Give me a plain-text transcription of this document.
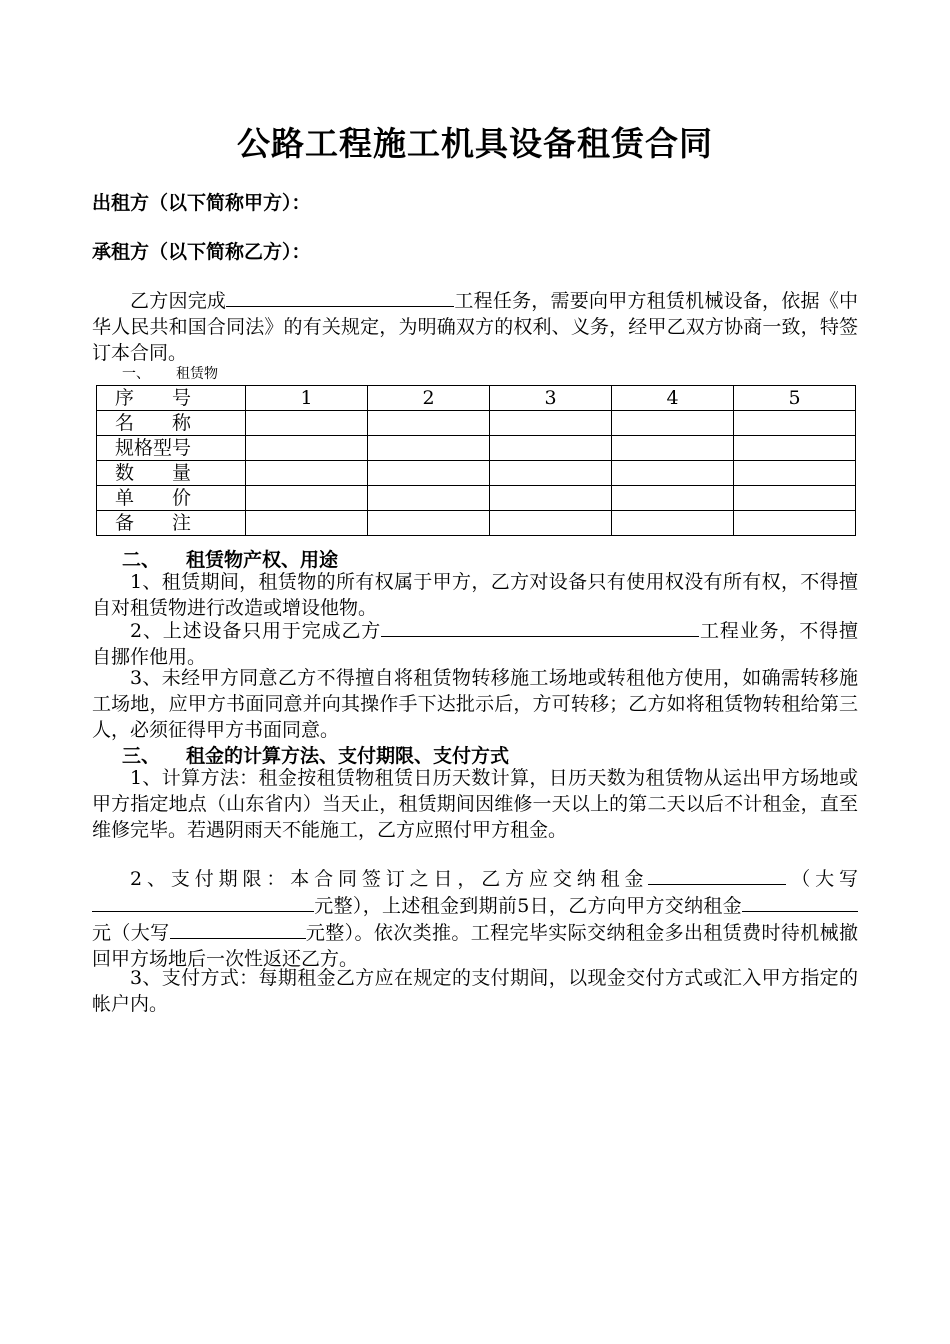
公路工程施工机具设备租赁合同
出租方（以下简称甲方）：
承租方（以下简称乙方）：
乙方因完成	工程任务，需要向甲方租赁机械设备，依据《中华人民共和国合同法》的有关规定，为明确双方的权利、义务，经甲乙双方协商一致，特签订本合同。
一、 租赁物
序　　号	1	2	3	4	5
名　　称					
规格型号					
数　　量					
单　　价					
备　　注					
二、 租赁物产权、用途
1、租赁期间，租赁物的所有权属于甲方，乙方对设备只有使用权没有所有权，不得擅自对租赁物进行改造或增设他物。
2、上述设备只用于完成乙方	工程业务，不得擅自挪作他用。
3、未经甲方同意乙方不得擅自将租赁物转移施工场地或转租他方使用，如确需转移施工场地，应甲方书面同意并向其操作手下达批示后，方可转移；乙方如将租赁物转租给第三人，必须征得甲方书面同意。
三、 租金的计算方法、支付期限、支付方式
1、计算方法：租金按租赁物租赁日历天数计算，日历天数为租赁物从运出甲方场地或甲方指定地点（山东省内）当天止，租赁期间因维修一天以上的第二天以后不计租金，直至维修完毕。若遇阴雨天不能施工，乙方应照付甲方租金。
2、支付期限：本合同签订之日，乙方应交纳租金	（大写元整），上述租金到期前5日，乙方向甲方交纳租金元（大写	元整）。依次类推。工程完毕实际交纳租金多出租赁费时待机械撤回甲方场地后一次性返还乙方。
3、支付方式：每期租金乙方应在规定的支付期间，以现金交付方式或汇入甲方指定的帐户内。
